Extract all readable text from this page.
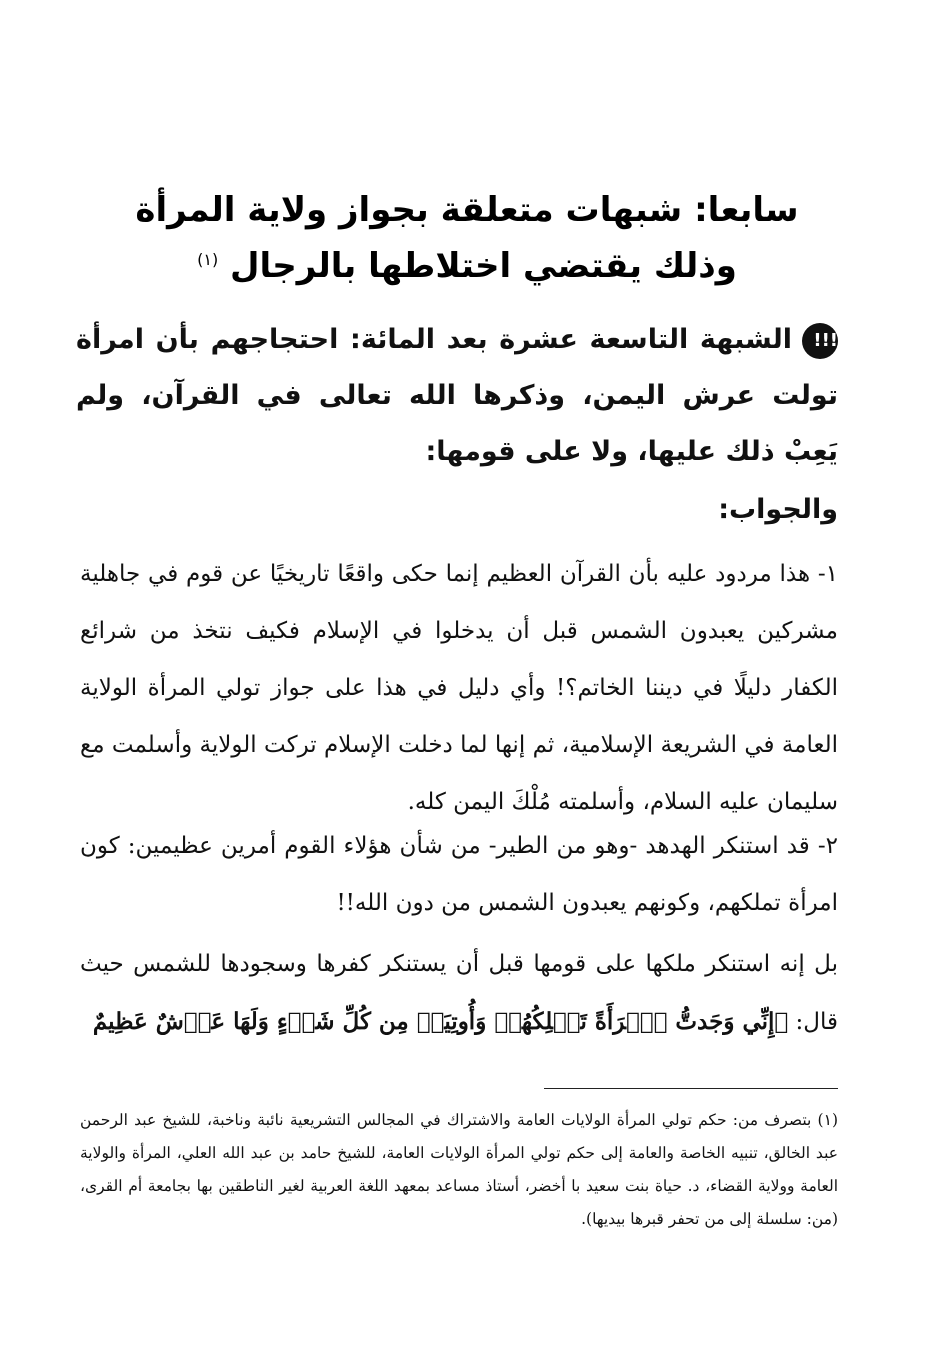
سابعا: شبهات متعلقة بجواز ولاية المرأة
وذلك يقتضي اختلاطها بالرجال $^{(١)}$
!!!الشبهة التاسعة عشرة بعد المائة: احتجاجهم بأن امرأة تولت عرش اليمن، وذكرها الله تعالى في القرآن، ولم يَعِبْ ذلك عليها، ولا على قومها:
والجواب:
١- هذا مردود عليه بأن القرآن العظيم إنما حكى واقعًا تاريخيًا عن قوم في جاهلية مشركين يعبدون الشمس قبل أن يدخلوا في الإسلام فكيف نتخذ من شرائع الكفار دليلًا في ديننا الخاتم؟! وأي دليل في هذا على جواز تولي المرأة الولاية العامة في الشريعة الإسلامية، ثم إنها لما دخلت الإسلام تركت الولاية وأسلمت مع سليمان عليه السلام، وأسلمته مُلْكَ اليمن كله.
٢- قد استنكر الهدهد -وهو من الطير- من شأن هؤلاء القوم أمرين عظيمين: كون امرأة تملكهم، وكونهم يعبدون الشمس من دون الله!!
بل إنه استنكر ملكها على قومها قبل أن يستنكر كفرها وسجودها للشمس حيث قال: ﴿إِنِّي وَجَدتُّ ٱمۡرَأَةً تَمۡلِكُهُمۡ وَأُوتِيَتۡ مِن كُلِّ شَيۡءٍ وَلَهَا عَرۡشٌ عَظِيمٌ
(١) بتصرف من: حكم تولي المرأة الولايات العامة والاشتراك في المجالس التشريعية نائبة وناخبة، للشيخ عبد الرحمن عبد الخالق، تنبيه الخاصة والعامة إلى حكم تولي المرأة الولايات العامة، للشيخ حامد بن عبد الله العلي، المرأة والولاية العامة وولاية القضاء، د. حياة بنت سعيد با أخضر، أستاذ مساعد بمعهد اللغة العربية لغير الناطقين بها بجامعة أم القرى، (من: سلسلة إلى من تحفر قبرها بيديها).
